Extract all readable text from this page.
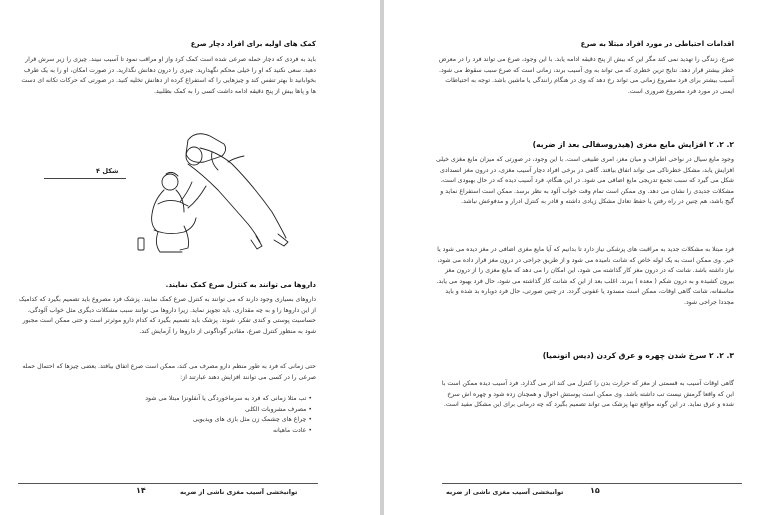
کمک های اولیه برای افراد دچار صرع
باید به فردی که دچار حمله صرعی شده است کمک کرد واز او مراقب نمود تا آسیب نبیند. چیزی را زیر سرش قرار دهید. سعی نکنید که او را خیلی محکم نگهدارید. چیزی را درون دهانش نگذارید. در صورت امکان، او را به یک طرف بخوابانید تا بهتر تنفس کند و چیزهایی را که استفراغ کرده از دهانش تخلیه کنید. در صورتی که حرکات تکانه ای دست ها و پاها بیش از پنج دقیقه ادامه داشت کسی را به کمک بطلبید.
شکل ۴
داروها می توانند به کنترل صرع کمک نمایند.
داروهای بسیاری وجود دارند که می توانند به کنترل صرع کمک نمایند. پزشک فرد مصروع باید تصمیم بگیرد که کدامیک از این داروها را و به چه مقداری، باید تجویز نماید. زیرا داروها می توانند سبب مشکلات دیگری مثل خواب آلودگی، حساسیت پوستی و کندی تفکر، شوند. پزشک باید تصمیم بگیرد که کدام دارو موثرتر است و حتی ممکن است مجبور شود به منظور کنترل صرع، مقادیر گوناگونی از داروها را آزمایش کند.
حتی زمانی که فرد به طور منظم دارو مصرف می کند، ممکن است صرع اتفاق بیافتد. بعضی چیزها که احتمال حمله صرعی را در کسی می توانند افزایش دهند عبارتند از:
• تب مثلا زمانی که فرد به سرماخوردگی یا آنفلونزا مبتلا می شود
• مصرف مشروبات الکلی
• چراغ های چشمک زن مثل بازی های ویدیویی
• عادت ماهیانه
۱۴	توانبخشی آسیب مغزی ناشی از ضربه
اقدامات احتیاطی در مورد افراد مبتلا به صرع
صرع، زندگی را تهدید نمی کند مگر این که بیش از پنج دقیقه ادامه یابد. با این وجود، صرع می تواند فرد را در معرض خطر بیشتر قرار دهد. نتایج ترین خطری که می تواند به وی آسیب برند، زمانی است که صرع سبب سقوط می شود. آسیب بیشتر برای فرد مصروع زمانی می تواند رخ دهد که وی در هنگام رانندگی یا ماشین باشد. توجه به احتیاطات ایمنی در مورد فرد مصروع ضروری است.
۲. ۲. ۲ افزایش مایع مغزی (هیدروسفالی بعد از ضربه)
وجود مایع سیال در نواحی اطراف و میان مغز، امری طبیعی است. با این وجود، در صورتی که میزان مایع مغزی خیلی افزایش یابد، مشکل خطرناکی می تواند اتفاق بیافتد. گاهی در برخی افراد دچار آسیب مغزی، در درون مغز انسدادی شکل می گیرد که سبب تجمع تدریجی مایع اضافی می شود. در این هنگام، فرد آسیب دیده که در حال بهبودی است، مشکلات جدیدی را نشان می دهد. وی ممکن است تمام وقت خواب آلود به نظر برسد. ممکن است استفراغ نماید و گیج باشد، هم چنین در راه رفتن یا حفظ تعادل مشکل زیادی داشته و قادر به کنترل ادرار و مدفوعش نباشد.
فرد مبتلا به مشکلات جدید به مراقبت های پزشکی نیاز دارد تا بدانیم که آیا مایع مغزی اضافی در مغز دیده می شود یا خیر. وی ممکن است به یک لوله خاص که شانت نامیده می شود و از طریق جراحی در درون مغز قرار داده می شود، نیاز داشته باشد. شانت که در درون مغز کار گذاشته می شود، این امکان را می دهد که مایع مغزی را از درون مغز بیرون کشیده و به درون شکم ( معده ) ببرند. اغلب بعد از این که شانت کار گذاشته می شود، حال فرد بهبود می یابد. متاسفانه، شانت گاهی اوقات، ممکن است مسدود یا عفونی گردد. در چنین صورتی، حال فرد دوباره بد شده و باید مجددا جراحی شود.
۳. ۲. ۲ سرخ شدن چهره و عرق کردن (دیس اتونمیا)
گاهی اوقات آسیب به قسمتی از مغز که حرارت بدن را کنترل می کند اثر می گذارد. فرد آسیب دیده ممکن است با این که واقعا گرمش نیست تب داشته باشد. وی ممکن است پوستش احوال و همچنان زده شود و چهره اش سرخ شده و عرق نماید. در این گونه مواقع تنها پزشک می تواند تصمیم بگیرد که چه درمانی برای این مشکل مفید است.
توانبخشی آسیب مغزی ناشی از ضربه	۱۵
